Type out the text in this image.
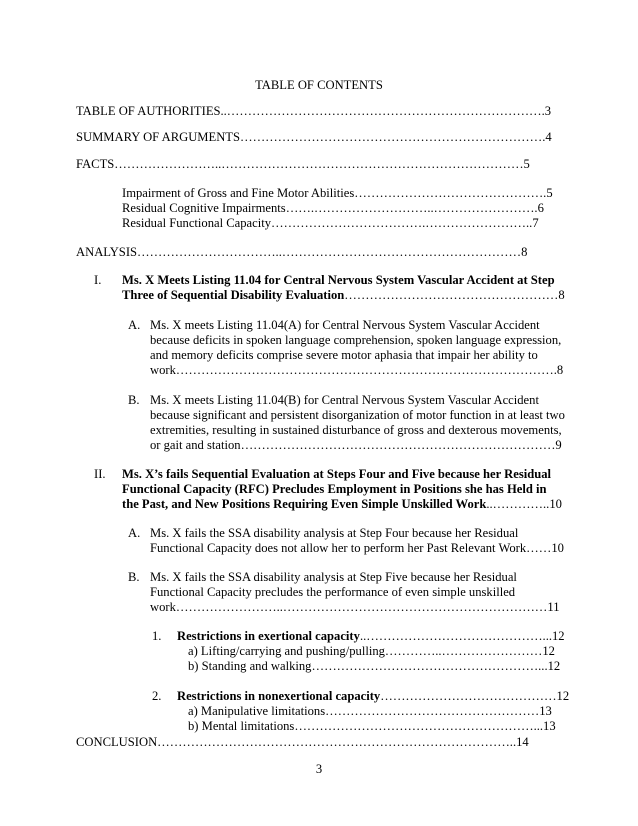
TABLE OF CONTENTS
TABLE OF AUTHORITIES..………………………………………………………………….3
SUMMARY OF ARGUMENTS……………………………………………………………….4
FACTS……………………..………………………………………………………………5
Impairment of Gross and Fine Motor Abilities……………………………………….5
Residual Cognitive Impairments…….………………………..…………………….6
Residual Functional Capacity……………………………….……………………..7
ANALYSIS……………………………..…………………………………………………8
I. Ms. X Meets Listing 11.04 for Central Nervous System Vascular Accident at Step
Three of Sequential Disability Evaluation……………………………………………8
A. Ms. X meets Listing 11.04(A) for Central Nervous System Vascular Accident
because deficits in spoken language comprehension, spoken language expression,
and memory deficits comprise severe motor aphasia that impair her ability to
work……………………………………………………………………………….8
B. Ms. X meets Listing 11.04(B) for Central Nervous System Vascular Accident
because significant and persistent disorganization of motor function in at least two
extremities, resulting in sustained disturbance of gross and dexterous movements,
or gait and station…………………………………………………………………9
II. Ms. X’s fails Sequential Evaluation at Steps Four and Five because her Residual
Functional Capacity (RFC) Precludes Employment in Positions she has Held in
the Past, and New Positions Requiring Even Simple Unskilled Work..…………..10
A. Ms. X fails the SSA disability analysis at Step Four because her Residual
Functional Capacity does not allow her to perform her Past Relevant Work……10
B. Ms. X fails the SSA disability analysis at Step Five because her Residual
Functional Capacity precludes the performance of even simple unskilled
work……………………..………………………………………………………11
1. Restrictions in exertional capacity..……………………………………...12
a) Lifting/carrying and pushing/pulling…………..……………………12
b) Standing and walking………………………………………………...12
2. Restrictions in nonexertional capacity……………………………………12
a) Manipulative limitations……………………………………………13
b) Mental limitations…………………………………………………...13
CONCLUSION…………………………………………………………………………..14
3
